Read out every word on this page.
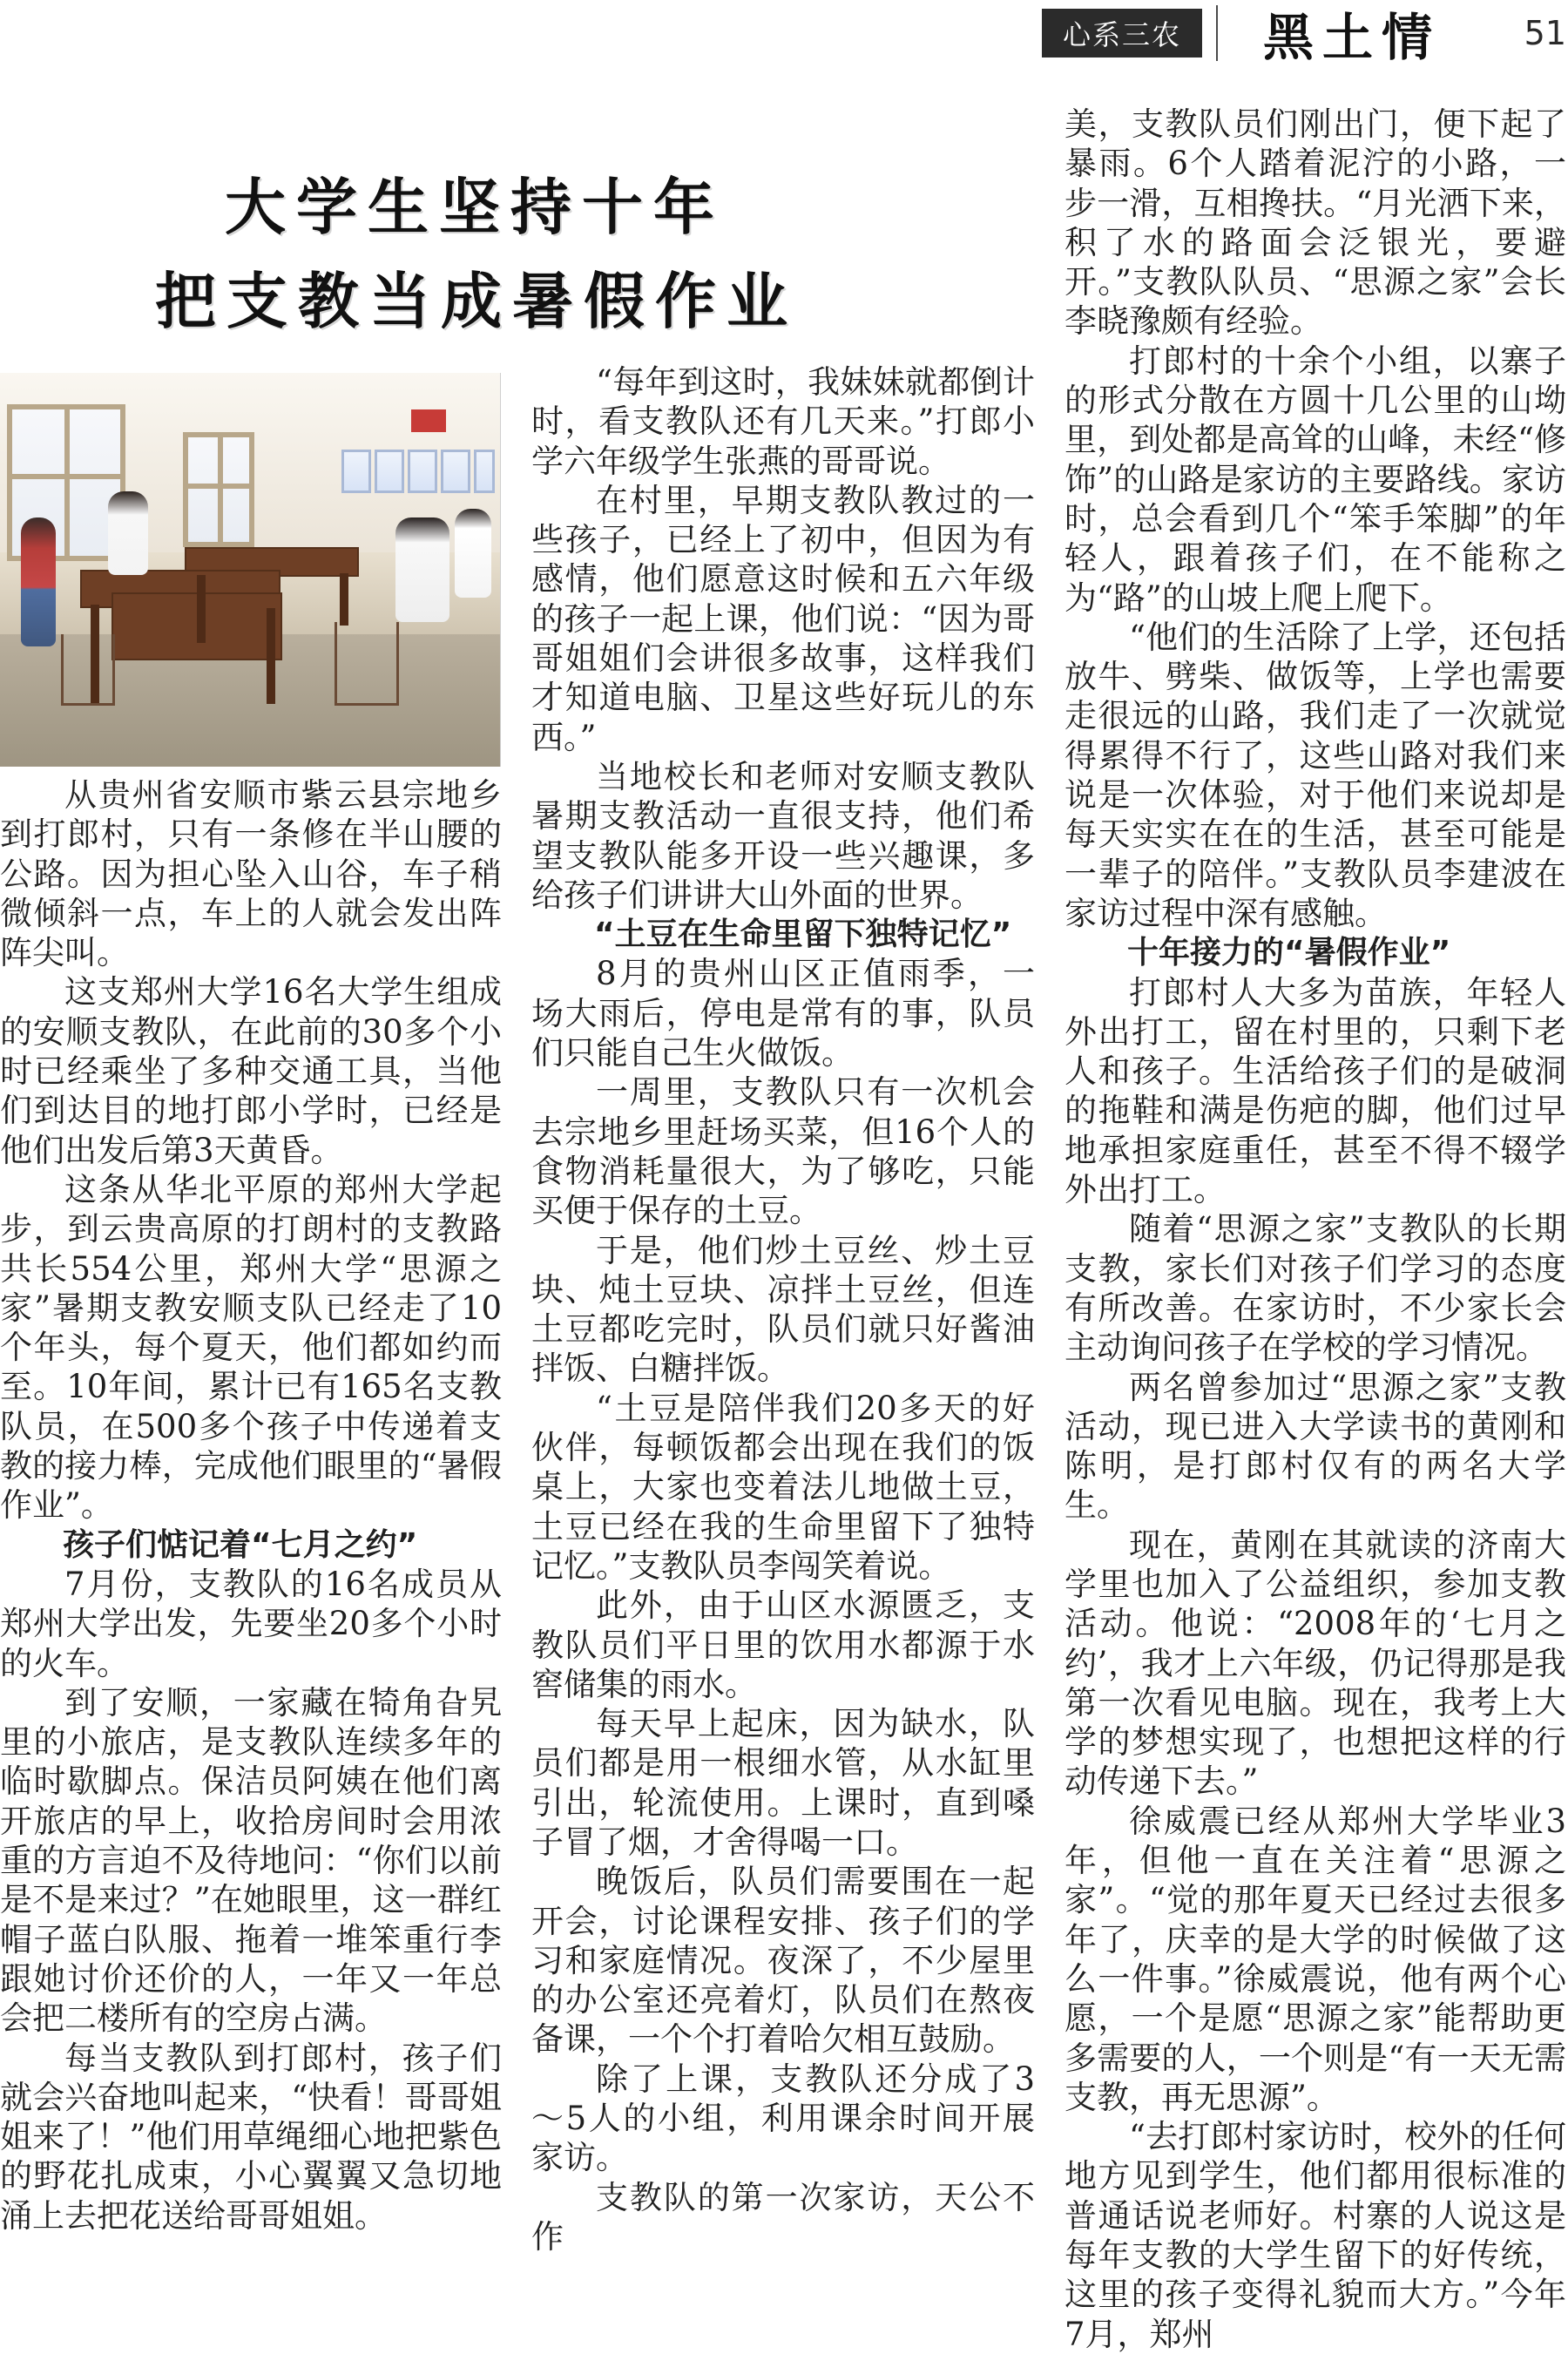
心系三农	黑土情	51
大学生坚持十年
把支教当成暑假作业

从贵州省安顺市紫云县宗地乡到打郎村，只有一条修在半山腰的公路。因为担心坠入山谷，车子稍微倾斜一点，车上的人就会发出阵阵尖叫。

这支郑州大学16名大学生组成的安顺支教队，在此前的30多个小时已经乘坐了多种交通工具，当他们到达目的地打郎小学时，已经是他们出发后第3天黄昏。

这条从华北平原的郑州大学起步，到云贵高原的打朗村的支教路共长554公里，郑州大学“思源之家”暑期支教安顺支队已经走了10个年头，每个夏天，他们都如约而至。10年间，累计已有165名支教队员，在500多个孩子中传递着支教的接力棒，完成他们眼里的“暑假作业”。

孩子们惦记着“七月之约”

7月份，支教队的16名成员从郑州大学出发，先要坐20多个小时的火车。

到了安顺，一家藏在犄角旮旯里的小旅店，是支教队连续多年的临时歇脚点。保洁员阿姨在他们离开旅店的早上，收拾房间时会用浓重的方言迫不及待地问：“你们以前是不是来过？”在她眼里，这一群红帽子蓝白队服、拖着一堆笨重行李跟她讨价还价的人，一年又一年总会把二楼所有的空房占满。

每当支教队到打郎村，孩子们就会兴奋地叫起来，“快看！哥哥姐姐来了！”他们用草绳细心地把紫色的野花扎成束，小心翼翼又急切地涌上去把花送给哥哥姐姐。

“每年到这时，我妹妹就都倒计时，看支教队还有几天来。”打郎小学六年级学生张燕的哥哥说。

在村里，早期支教队教过的一些孩子，已经上了初中，但因为有感情，他们愿意这时候和五六年级的孩子一起上课，他们说：“因为哥哥姐姐们会讲很多故事，这样我们才知道电脑、卫星这些好玩儿的东西。”

当地校长和老师对安顺支教队暑期支教活动一直很支持，他们希望支教队能多开设一些兴趣课，多给孩子们讲讲大山外面的世界。

“土豆在生命里留下独特记忆”

8月的贵州山区正值雨季，一场大雨后，停电是常有的事，队员们只能自己生火做饭。

一周里，支教队只有一次机会去宗地乡里赶场买菜，但16个人的食物消耗量很大，为了够吃，只能买便于保存的土豆。

于是，他们炒土豆丝、炒土豆块、炖土豆块、凉拌土豆丝，但连土豆都吃完时，队员们就只好酱油拌饭、白糖拌饭。

“土豆是陪伴我们20多天的好伙伴，每顿饭都会出现在我们的饭桌上，大家也变着法儿地做土豆，土豆已经在我的生命里留下了独特记忆。”支教队员李闯笑着说。

此外，由于山区水源匮乏，支教队员们平日里的饮用水都源于水窖储集的雨水。

每天早上起床，因为缺水，队员们都是用一根细水管，从水缸里引出，轮流使用。上课时，直到嗓子冒了烟，才舍得喝一口。

晚饭后，队员们需要围在一起开会，讨论课程安排、孩子们的学习和家庭情况。夜深了，不少屋里的办公室还亮着灯，队员们在熬夜备课，一个个打着哈欠相互鼓励。

除了上课，支教队还分成了3～5人的小组，利用课余时间开展家访。

支教队的第一次家访，天公不作

美，支教队员们刚出门，便下起了暴雨。6个人踏着泥泞的小路，一步一滑，互相搀扶。“月光洒下来，积了水的路面会泛银光，要避开。”支教队队员、“思源之家”会长李晓豫颇有经验。

打郎村的十余个小组，以寨子的形式分散在方圆十几公里的山坳里，到处都是高耸的山峰，未经“修饰”的山路是家访的主要路线。家访时，总会看到几个“笨手笨脚”的年轻人，跟着孩子们，在不能称之为“路”的山坡上爬上爬下。

“他们的生活除了上学，还包括放牛、劈柴、做饭等，上学也需要走很远的山路，我们走了一次就觉得累得不行了，这些山路对我们来说是一次体验，对于他们来说却是每天实实在在的生活，甚至可能是一辈子的陪伴。”支教队员李建波在家访过程中深有感触。

十年接力的“暑假作业”

打郎村人大多为苗族，年轻人外出打工，留在村里的，只剩下老人和孩子。生活给孩子们的是破洞的拖鞋和满是伤疤的脚，他们过早地承担家庭重任，甚至不得不辍学外出打工。

随着“思源之家”支教队的长期支教，家长们对孩子们学习的态度有所改善。在家访时，不少家长会主动询问孩子在学校的学习情况。

两名曾参加过“思源之家”支教活动，现已进入大学读书的黄刚和陈明，是打郎村仅有的两名大学生。

现在，黄刚在其就读的济南大学里也加入了公益组织，参加支教活动。他说：“2008年的‘七月之约’，我才上六年级，仍记得那是我第一次看见电脑。现在，我考上大学的梦想实现了，也想把这样的行动传递下去。”

徐威震已经从郑州大学毕业3年，但他一直在关注着“思源之家”。“觉的那年夏天已经过去很多年了，庆幸的是大学的时候做了这么一件事。”徐威震说，他有两个心愿，一个是愿“思源之家”能帮助更多需要的人，一个则是“有一天无需支教，再无思源”。

“去打郎村家访时，校外的任何地方见到学生，他们都用很标准的普通话说老师好。村寨的人说这是每年支教的大学生留下的好传统，这里的孩子变得礼貌而大方。”今年7月，郑州
